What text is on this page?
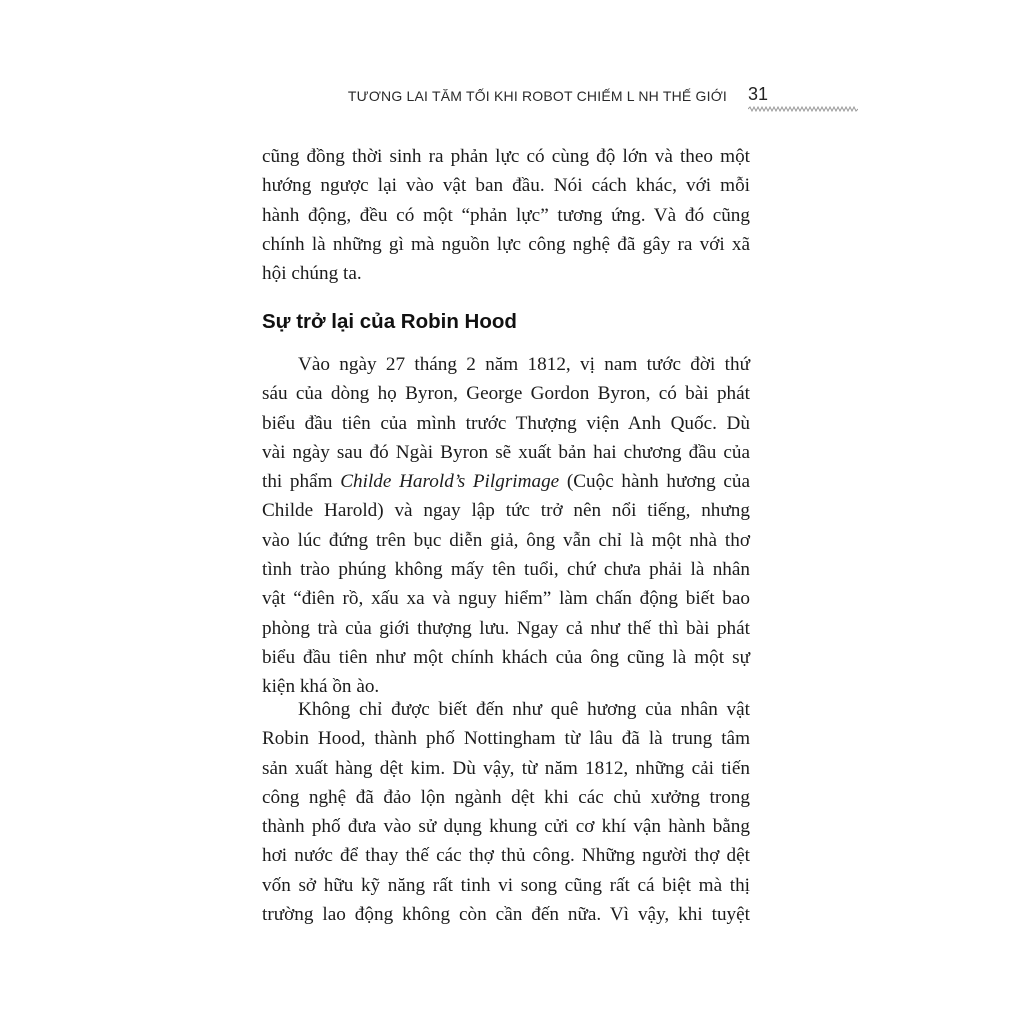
TƯƠNG LAI TĂM TỐI KHI ROBOT CHIẾM L NH THẾ GIỚI 31
cũng đồng thời sinh ra phản lực có cùng độ lớn và theo một
hướng ngược lại vào vật ban đầu. Nói cách khác, với mỗi
hành động, đều có một “phản lực” tương ứng. Và đó cũng
chính là những gì mà nguồn lực công nghệ đã gây ra với xã
hội chúng ta.
Sự trở lại của Robin Hood
Vào ngày 27 tháng 2 năm 1812, vị nam tước đời thứ
sáu của dòng họ Byron, George Gordon Byron, có bài phát
biểu đầu tiên của mình trước Thượng viện Anh Quốc. Dù
vài ngày sau đó Ngài Byron sẽ xuất bản hai chương đầu của
thi phẩm Childe Harold’s Pilgrimage (Cuộc hành hương của
Childe Harold) và ngay lập tức trở nên nổi tiếng, nhưng
vào lúc đứng trên bục diễn giả, ông vẫn chỉ là một nhà thơ
tình trào phúng không mấy tên tuổi, chứ chưa phải là nhân
vật “điên rồ, xấu xa và nguy hiểm” làm chấn động biết bao
phòng trà của giới thượng lưu. Ngay cả như thế thì bài phát
biểu đầu tiên như một chính khách của ông cũng là một sự
kiện khá ồn ào.
Không chỉ được biết đến như quê hương của nhân vật
Robin Hood, thành phố Nottingham từ lâu đã là trung tâm
sản xuất hàng dệt kim. Dù vậy, từ năm 1812, những cải tiến
công nghệ đã đảo lộn ngành dệt khi các chủ xưởng trong
thành phố đưa vào sử dụng khung cửi cơ khí vận hành bằng
hơi nước để thay thế các thợ thủ công. Những người thợ dệt
vốn sở hữu kỹ năng rất tinh vi song cũng rất cá biệt mà thị
trường lao động không còn cần đến nữa. Vì vậy, khi tuyệt
